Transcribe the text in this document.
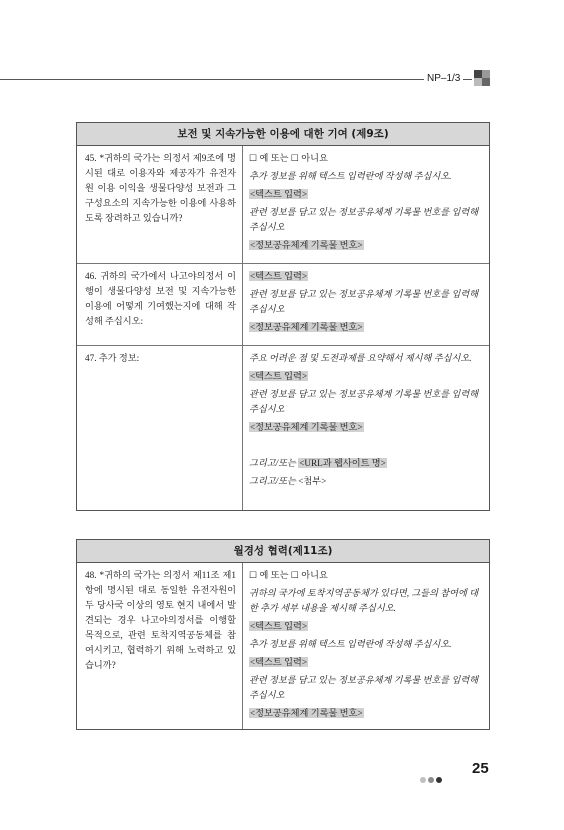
NP–1/3
보전 및 지속가능한 이용에 대한 기여 (제9조)
45. *귀하의 국가는 의정서 제9조에 명시된 대로 이용자와 제공자가 유전자원 이용 이익을 생물다양성 보전과 그 구성요소의 지속가능한 이용에 사용하도록 장려하고 있습니까?

☐ 예 또는 ☐ 아니요

추가 정보를 위해 텍스트 입력란에 작성해 주십시오.

<텍스트 입력>

관련 정보를 담고 있는 정보공유체계 기록물 번호를 입력해 주십시오

<정보공유체계 기록물 번호>

46. 귀하의 국가에서 나고야의정서 이행이 생물다양성 보전 및 지속가능한 이용에 어떻게 기여했는지에 대해 작성해 주십시오:

<텍스트 입력>

관련 정보를 담고 있는 정보공유체계 기록물 번호를 입력해 주십시오

<정보공유체계 기록물 번호>

47. 추가 정보:	주요 어려운 점 및 도전과제를 요약해서 제시해 주십시오.

<텍스트 입력>

관련 정보를 담고 있는 정보공유체계 기록물 번호를 입력해 주십시오

<정보공유체계 기록물 번호>

그리고/또는 <URL과 웹사이트 명>

그리고/또는 <첨부>

월경성 협력(제11조)
48. *귀하의 국가는 의정서 제11조 제1항에 명시된 대로 동일한 유전자원이 두 당사국 이상의 영토 현지 내에서 발견되는 경우 나고야의정서를 이행할 목적으로, 관련 토착지역공동체를 참여시키고, 협력하기 위해 노력하고 있습니까?

☐ 예 또는 ☐ 아니요

귀하의 국가에 토착지역공동체가 있다면, 그들의 참여에 대한 추가 세부 내용을 제시해 주십시오.

<텍스트 입력>

추가 정보를 위해 텍스트 입력란에 작성해 주십시오.

<텍스트 입력>

관련 정보를 담고 있는 정보공유체계 기록물 번호를 입력해 주십시오

<정보공유체계 기록물 번호>

25
